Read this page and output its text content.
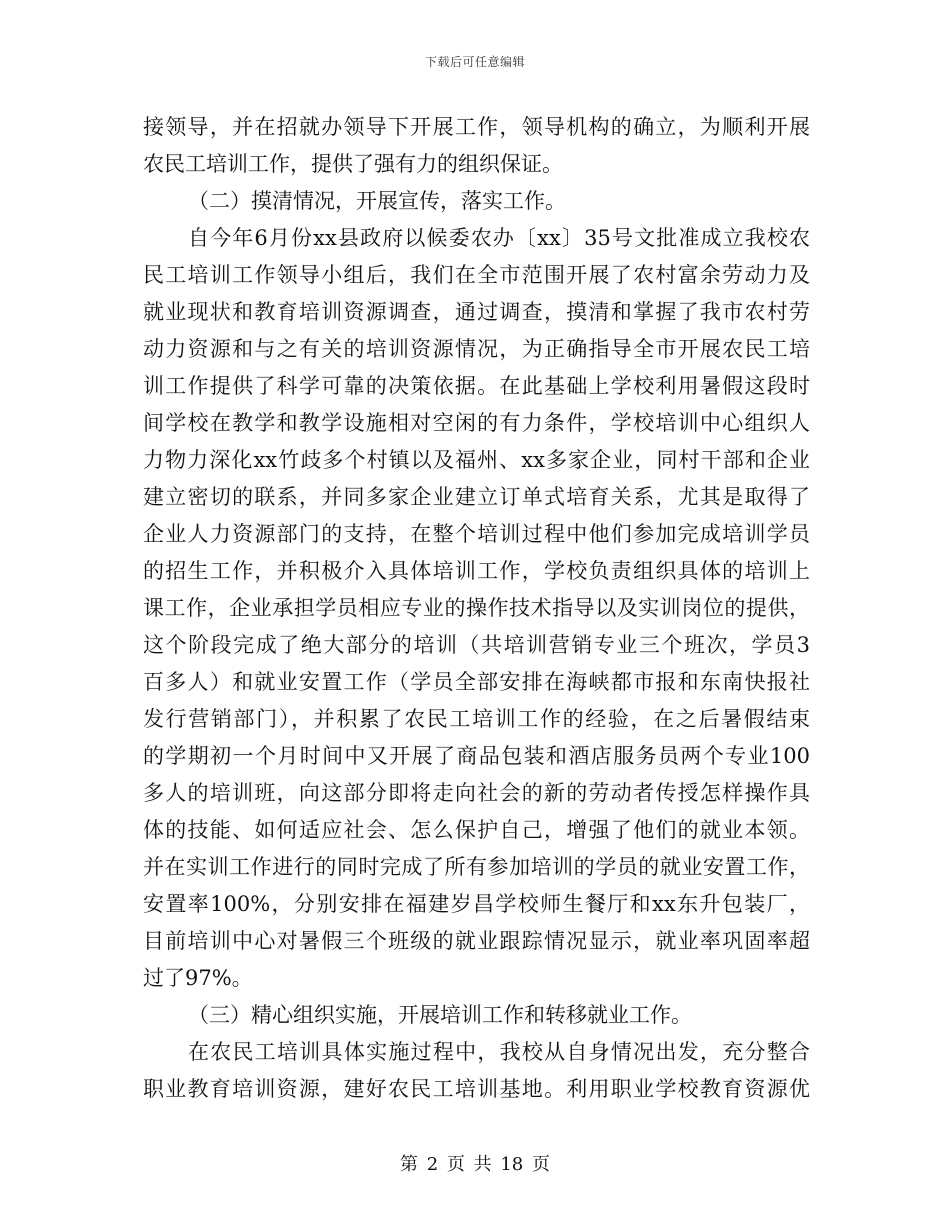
下载后可任意编辑
接领导，并在招就办领导下开展工作，领导机构的确立，为顺利开展
农民工培训工作，提供了强有力的组织保证。
（二）摸清情况，开展宣传，落实工作。
自今年6月份xx县政府以候委农办〔xx〕35号文批准成立我校农
民工培训工作领导小组后，我们在全市范围开展了农村富余劳动力及
就业现状和教育培训资源调查，通过调查，摸清和掌握了我市农村劳
动力资源和与之有关的培训资源情况，为正确指导全市开展农民工培
训工作提供了科学可靠的决策依据。在此基础上学校利用暑假这段时
间学校在教学和教学设施相对空闲的有力条件，学校培训中心组织人
力物力深化xx竹歧多个村镇以及福州、xx多家企业，同村干部和企业
建立密切的联系，并同多家企业建立订单式培育关系，尤其是取得了
企业人力资源部门的支持，在整个培训过程中他们参加完成培训学员
的招生工作，并积极介入具体培训工作，学校负责组织具体的培训上
课工作，企业承担学员相应专业的操作技术指导以及实训岗位的提供，
这个阶段完成了绝大部分的培训（共培训营销专业三个班次，学员3
百多人）和就业安置工作（学员全部安排在海峡都市报和东南快报社
发行营销部门），并积累了农民工培训工作的经验，在之后暑假结束
的学期初一个月时间中又开展了商品包装和酒店服务员两个专业100
多人的培训班，向这部分即将走向社会的新的劳动者传授怎样操作具
体的技能、如何适应社会、怎么保护自己，增强了他们的就业本领。
并在实训工作进行的同时完成了所有参加培训的学员的就业安置工作，
安置率100%，分别安排在福建岁昌学校师生餐厅和xx东升包装厂，
目前培训中心对暑假三个班级的就业跟踪情况显示，就业率巩固率超
过了97%。
（三）精心组织实施，开展培训工作和转移就业工作。
在农民工培训具体实施过程中，我校从自身情况出发，充分整合
职业教育培训资源，建好农民工培训基地。利用职业学校教育资源优
第 2 页 共 18 页
